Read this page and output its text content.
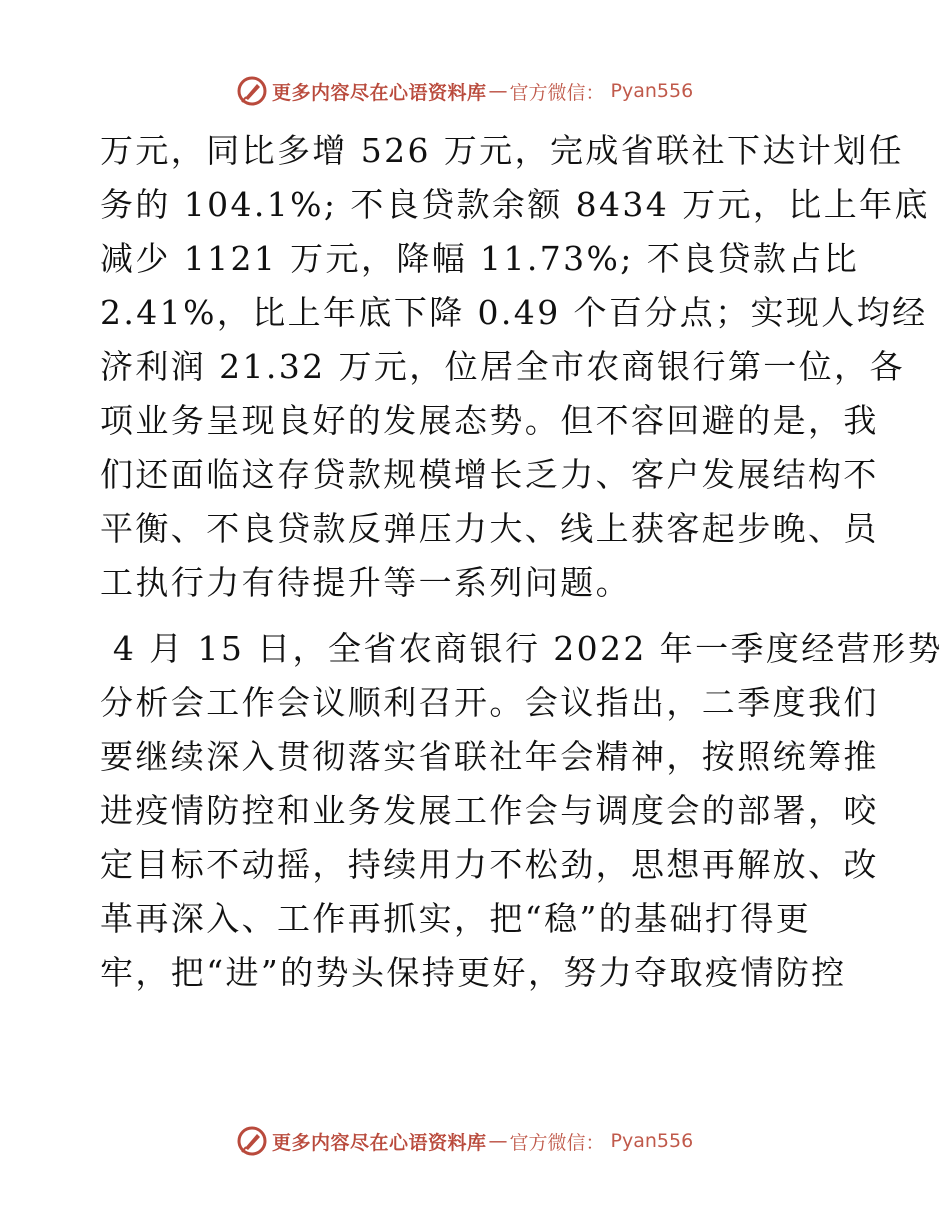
更多内容尽在心语资料库 — 官方微信： Pyan556
万元，同比多增 526 万元，完成省联社下达计划任
务的 104.1%; 不良贷款余额 8434 万元，比上年底
减少 1121 万元，降幅 11.73%; 不良贷款占比
2.41%，比上年底下降 0.49 个百分点；实现人均经
济利润 21.32 万元，位居全市农商银行第一位，各
项业务呈现良好的发展态势。但不容回避的是，我
们还面临这存贷款规模增长乏力、客户发展结构不
平衡、不良贷款反弹压力大、线上获客起步晚、员
工执行力有待提升等一系列问题。
4 月 15 日，全省农商银行 2022 年一季度经营形势
分析会工作会议顺利召开。会议指出，二季度我们
要继续深入贯彻落实省联社年会精神，按照统筹推
进疫情防控和业务发展工作会与调度会的部署，咬
定目标不动摇，持续用力不松劲，思想再解放、改
革再深入、工作再抓实，把“稳”的基础打得更
牢，把“进”的势头保持更好，努力夺取疫情防控
更多内容尽在心语资料库 — 官方微信： Pyan556
